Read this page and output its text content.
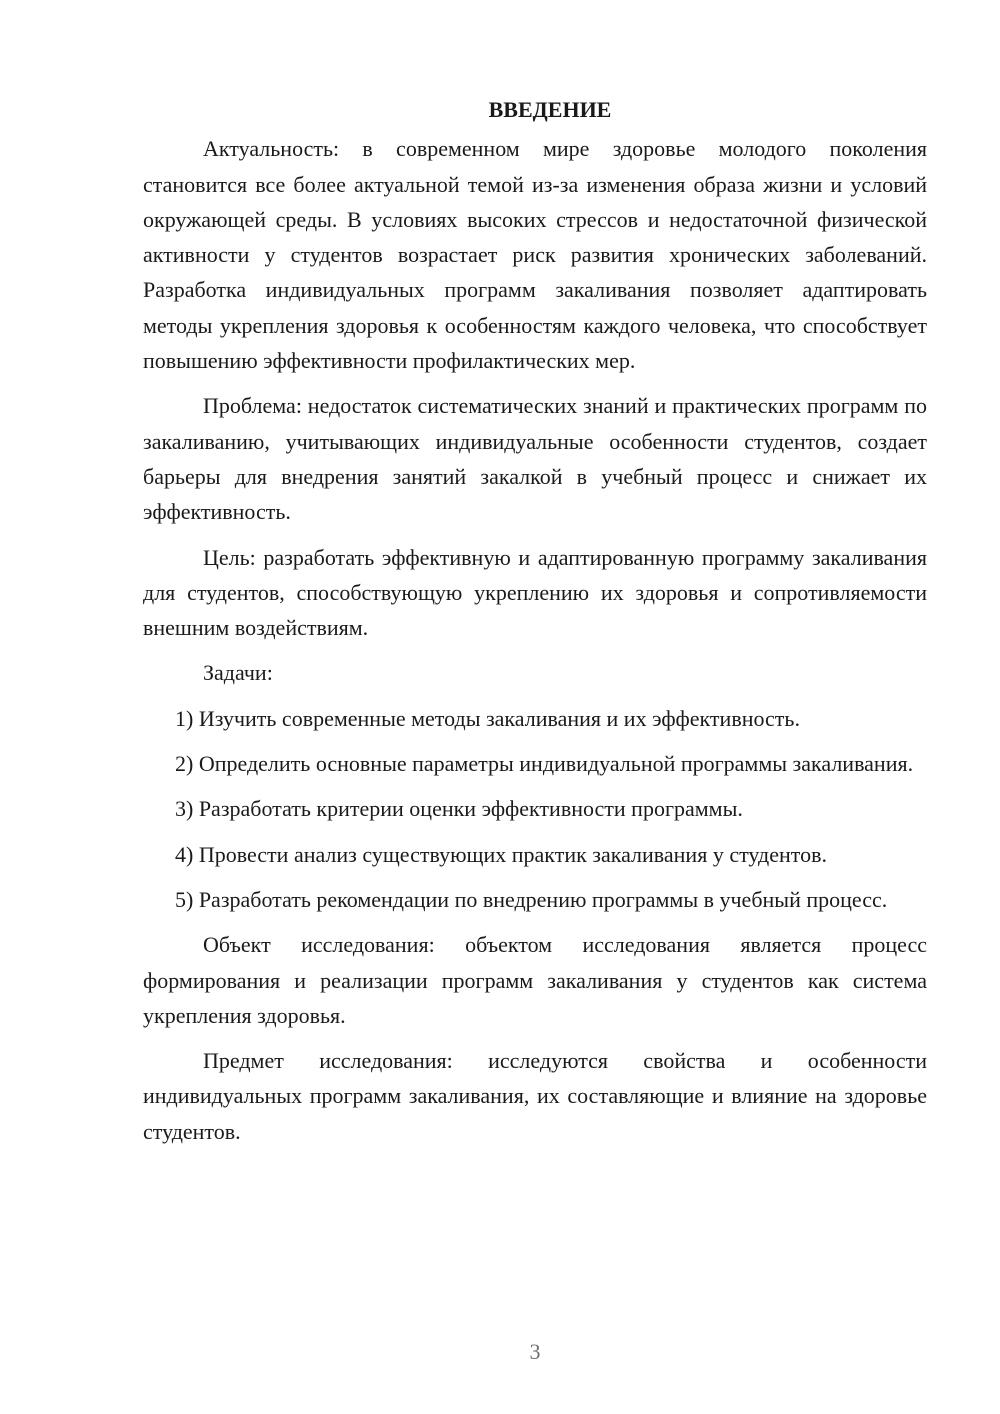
ВВЕДЕНИЕ

Актуальность: в современном мире здоровье молодого поколения становится все более актуальной темой из-за изменения образа жизни и условий окружающей среды. В условиях высоких стрессов и недостаточной физической активности у студентов возрастает риск развития хронических заболеваний. Разработка индивидуальных программ закаливания позволяет адаптировать методы укрепления здоровья к особенностям каждого человека, что способствует повышению эффективности профилактических мер.

Проблема: недостаток систематических знаний и практических программ по закаливанию, учитывающих индивидуальные особенности студентов, создает барьеры для внедрения занятий закалкой в учебный процесс и снижает их эффективность.

Цель: разработать эффективную и адаптированную программу закаливания для студентов, способствующую укреплению их здоровья и сопротивляемости внешним воздействиям.

Задачи:

1) Изучить современные методы закаливания и их эффективность.

2) Определить основные параметры индивидуальной программы закаливания.

3) Разработать критерии оценки эффективности программы.

4) Провести анализ существующих практик закаливания у студентов.

5) Разработать рекомендации по внедрению программы в учебный процесс.

Объект исследования: объектом исследования является процесс формирования и реализации программ закаливания у студентов как система укрепления здоровья.

Предмет исследования: исследуются свойства и особенности индивидуальных программ закаливания, их составляющие и влияние на здоровье студентов.

3
